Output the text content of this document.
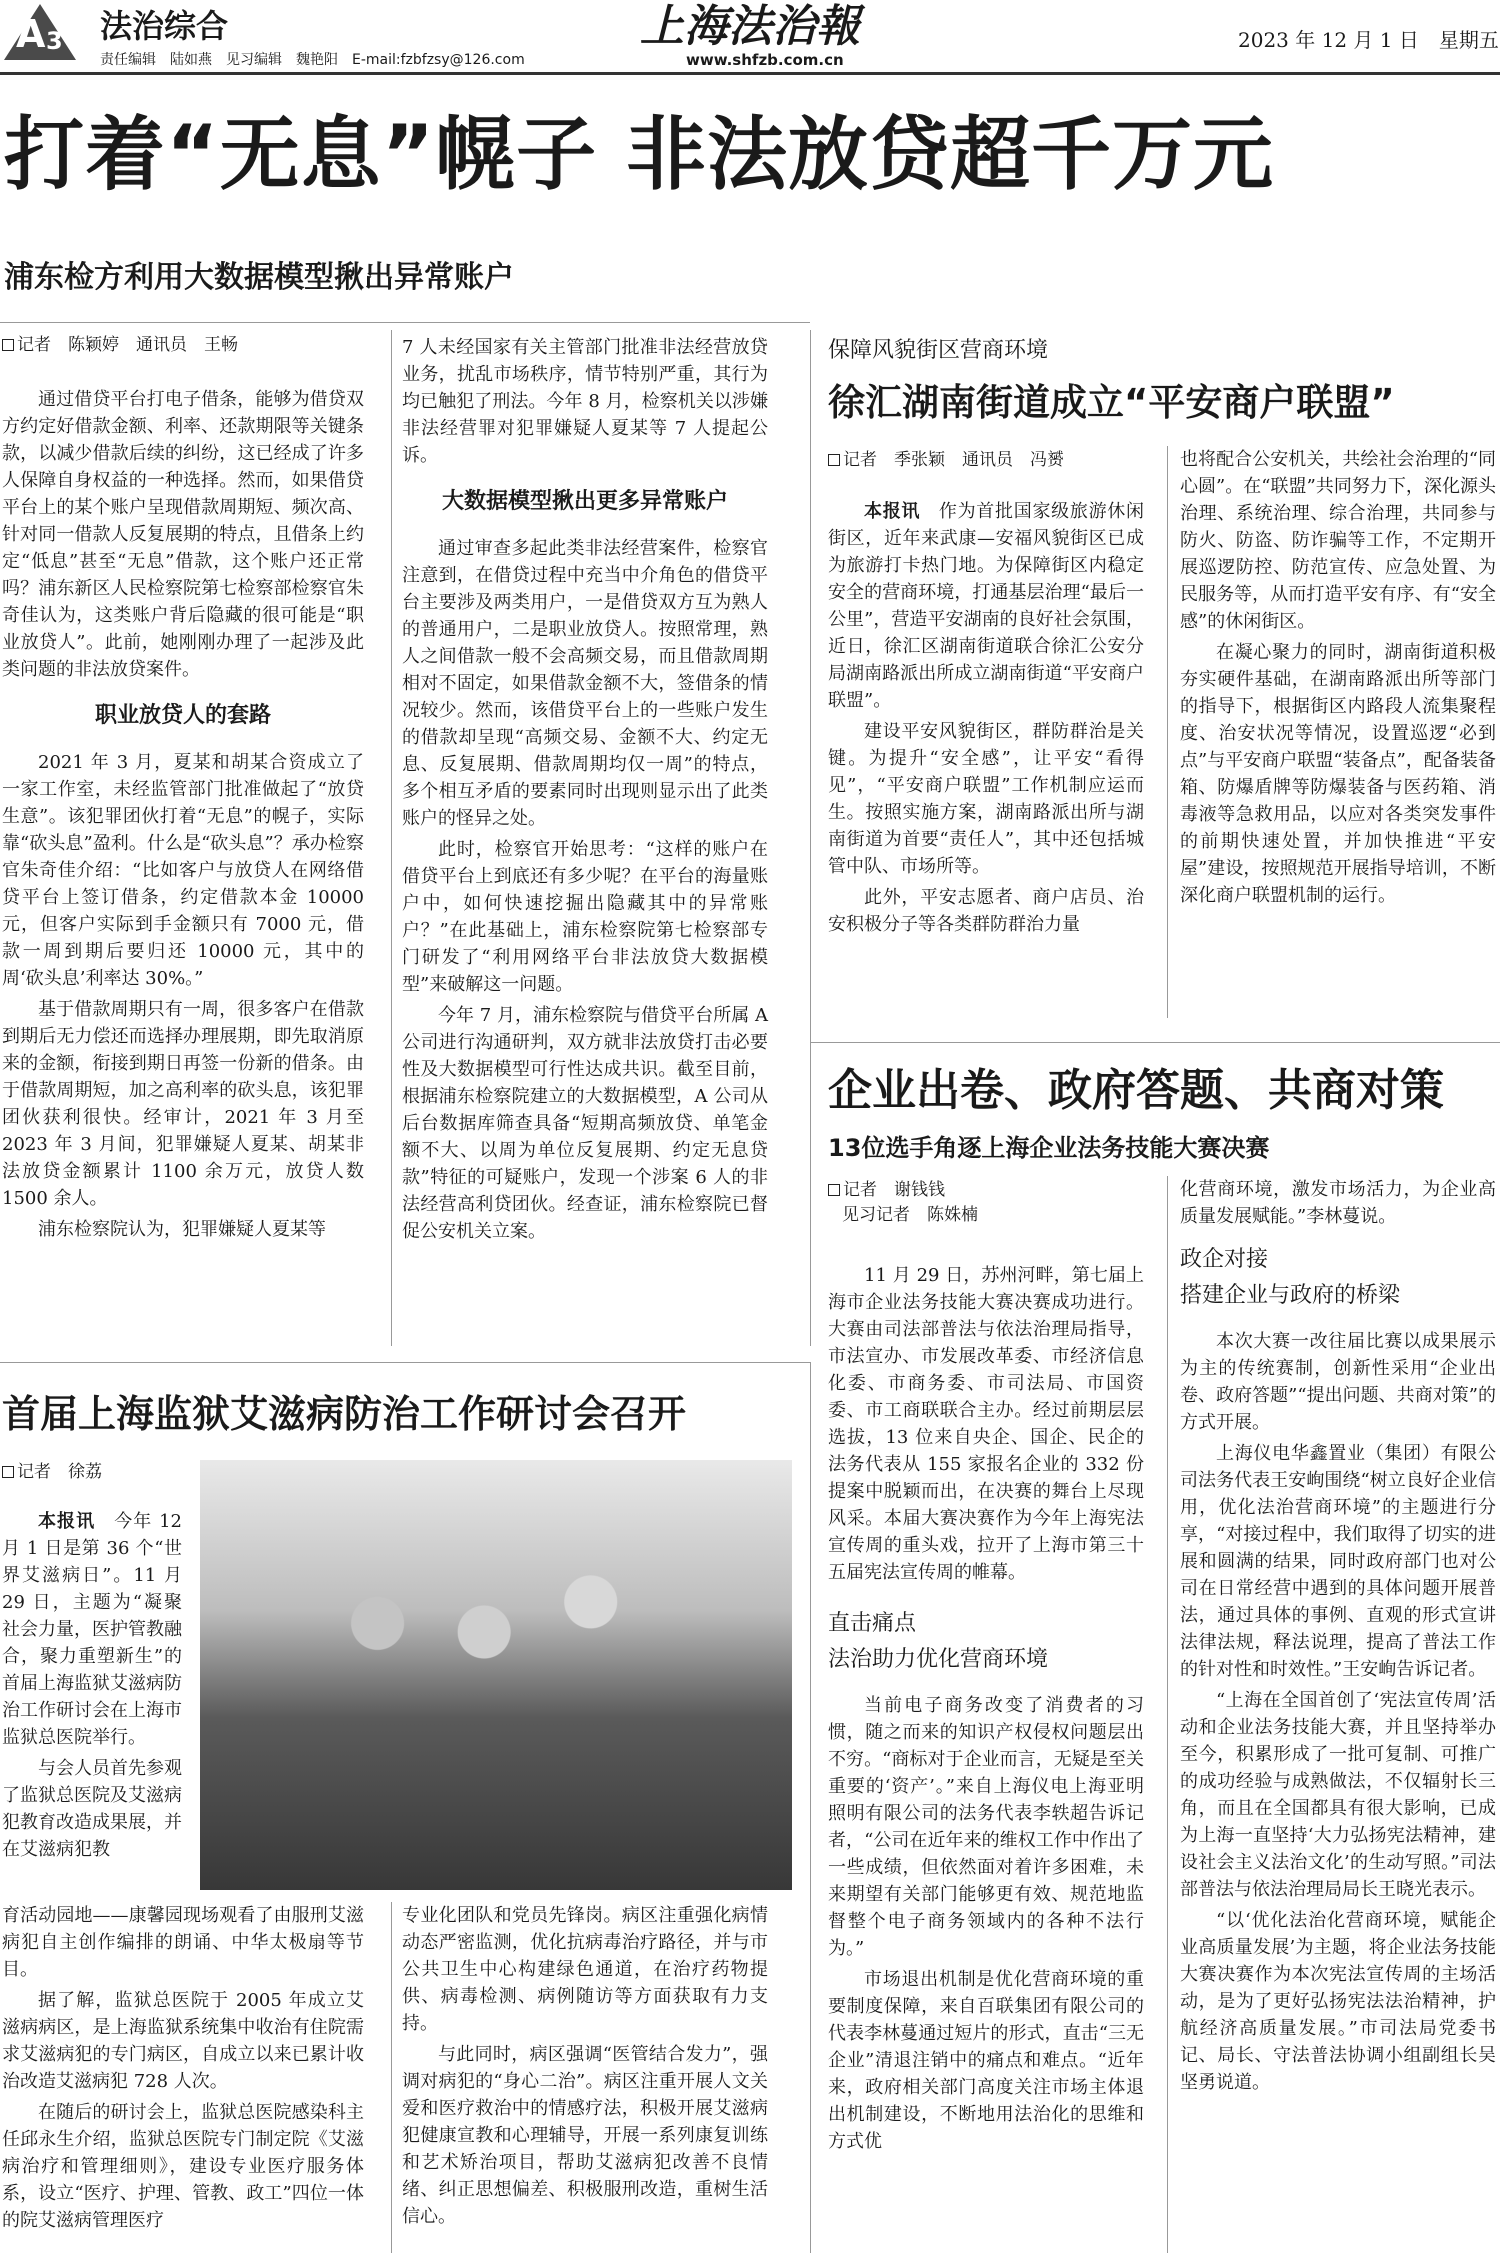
A 3 法治综合
责任编辑　陆如燕　见习编辑　魏艳阳　E-mail:fzbfzsy@126.com
上海法治報
www.shfzb.com.cn
2023 年 12 月 1 日　星期五
打着“无息”幌子 非法放贷超千万元
浦东检方利用大数据模型揪出异常账户
记者　陈颖婷　通讯员　王畅

通过借贷平台打电子借条，能够为借贷双方约定好借款金额、利率、还款期限等关键条款，以减少借款后续的纠纷，这已经成了许多人保障自身权益的一种选择。然而，如果借贷平台上的某个账户呈现借款周期短、频次高、针对同一借款人反复展期的特点，且借条上约定“低息”甚至“无息”借款，这个账户还正常吗？浦东新区人民检察院第七检察部检察官朱奇佳认为，这类账户背后隐藏的很可能是“职业放贷人”。此前，她刚刚办理了一起涉及此类问题的非法放贷案件。

职业放贷人的套路

2021 年 3 月，夏某和胡某合资成立了一家工作室，未经监管部门批准做起了“放贷生意”。该犯罪团伙打着“无息”的幌子，实际靠“砍头息”盈利。什么是“砍头息”？承办检察官朱奇佳介绍：“比如客户与放贷人在网络借贷平台上签订借条，约定借款本金 10000 元，但客户实际到手金额只有 7000 元，借款一周到期后要归还 10000 元，其中的周‘砍头息’利率达 30%。”

基于借款周期只有一周，很多客户在借款到期后无力偿还而选择办理展期，即先取消原来的金额，衔接到期日再签一份新的借条。由于借款周期短，加之高利率的砍头息，该犯罪团伙获利很快。经审计，2021 年 3 月至 2023 年 3 月间，犯罪嫌疑人夏某、胡某非法放贷金额累计 1100 余万元，放贷人数 1500 余人。

浦东检察院认为，犯罪嫌疑人夏某等

7 人未经国家有关主管部门批准非法经营放贷业务，扰乱市场秩序，情节特别严重，其行为均已触犯了刑法。今年 8 月，检察机关以涉嫌非法经营罪对犯罪嫌疑人夏某等 7 人提起公诉。

大数据模型揪出更多异常账户

通过审查多起此类非法经营案件，检察官注意到，在借贷过程中充当中介角色的借贷平台主要涉及两类用户，一是借贷双方互为熟人的普通用户，二是职业放贷人。按照常理，熟人之间借款一般不会高频交易，而且借款周期相对不固定，如果借款金额不大，签借条的情况较少。然而，该借贷平台上的一些账户发生的借款却呈现“高频交易、金额不大、约定无息、反复展期、借款周期均仅一周”的特点，多个相互矛盾的要素同时出现则显示出了此类账户的怪异之处。

此时，检察官开始思考：“这样的账户在借贷平台上到底还有多少呢？在平台的海量账户中，如何快速挖掘出隐藏其中的异常账户？”在此基础上，浦东检察院第七检察部专门研发了“利用网络平台非法放贷大数据模型”来破解这一问题。

今年 7 月，浦东检察院与借贷平台所属 A 公司进行沟通研判，双方就非法放贷打击必要性及大数据模型可行性达成共识。截至目前，根据浦东检察院建立的大数据模型，A 公司从后台数据库筛查具备“短期高频放贷、单笔金额不大、以周为单位反复展期、约定无息贷款”特征的可疑账户，发现一个涉案 6 人的非法经营高利贷团伙。经查证，浦东检察院已督促公安机关立案。

保障风貌街区营商环境
徐汇湖南街道成立“平安商户联盟”
记者　季张颖　通讯员　冯赟

本报讯　 作为首批国家级旅游休闲街区，近年来武康—安福风貌街区已成为旅游打卡热门地。为保障街区内稳定安全的营商环境，打通基层治理“最后一公里”，营造平安湖南的良好社会氛围，近日，徐汇区湖南街道联合徐汇公安分局湖南路派出所成立湖南街道“平安商户联盟”。

建设平安风貌街区，群防群治是关键。为提升“安全感”，让平安“看得见”，“平安商户联盟”工作机制应运而生。按照实施方案，湖南路派出所与湖南街道为首要“责任人”，其中还包括城管中队、市场所等。

此外，平安志愿者、商户店员、治安积极分子等各类群防群治力量

也将配合公安机关，共绘社会治理的“同心圆”。在“联盟”共同努力下，深化源头治理、系统治理、综合治理，共同参与防火、防盗、防诈骗等工作，不定期开展巡逻防控、防范宣传、应急处置、为民服务等，从而打造平安有序、有“安全感”的休闲街区。

在凝心聚力的同时，湖南街道积极夯实硬件基础，在湖南路派出所等部门的指导下，根据街区内路段人流集聚程度、治安状况等情况，设置巡逻“必到点”与平安商户联盟“装备点”，配备装备箱、防爆盾牌等防爆装备与医药箱、消毒液等急救用品，以应对各类突发事件的前期快速处置，并加快推进“平安屋”建设，按照规范开展指导培训，不断深化商户联盟机制的运行。

企业出卷、政府答题、共商对策
13位选手角逐上海企业法务技能大赛决赛
记者　谢钱钱
见习记者　陈姝楠

11 月 29 日，苏州河畔，第七届上海市企业法务技能大赛决赛成功进行。大赛由司法部普法与依法治理局指导，市法宣办、市发展改革委、市经济信息化委、市商务委、市司法局、市国资委、市工商联联合主办。经过前期层层选拔，13 位来自央企、国企、民企的法务代表从 155 家报名企业的 332 份提案中脱颖而出，在决赛的舞台上尽现风采。本届大赛决赛作为今年上海宪法宣传周的重头戏，拉开了上海市第三十五届宪法宣传周的帷幕。

直击痛点
法治助力优化营商环境

当前电子商务改变了消费者的习惯，随之而来的知识产权侵权问题层出不穷。“商标对于企业而言，无疑是至关重要的‘资产’。”来自上海仪电上海亚明照明有限公司的法务代表李轶超告诉记者，“公司在近年来的维权工作中作出了一些成绩，但依然面对着许多困难，未来期望有关部门能够更有效、规范地监督整个电子商务领域内的各种不法行为。”

市场退出机制是优化营商环境的重要制度保障，来自百联集团有限公司的代表李林蔓通过短片的形式，直击“三无企业”清退注销中的痛点和难点。“近年来，政府相关部门高度关注市场主体退出机制建设，不断地用法治化的思维和方式优

化营商环境，激发市场活力，为企业高质量发展赋能。”李林蔓说。

政企对接
搭建企业与政府的桥梁

本次大赛一改往届比赛以成果展示为主的传统赛制，创新性采用“企业出卷、政府答题”“提出问题、共商对策”的方式开展。

上海仪电华鑫置业（集团）有限公司法务代表王安峋围绕“树立良好企业信用，优化法治营商环境”的主题进行分享，“对接过程中，我们取得了切实的进展和圆满的结果，同时政府部门也对公司在日常经营中遇到的具体问题开展普法，通过具体的事例、直观的形式宣讲法律法规，释法说理，提高了普法工作的针对性和时效性。”王安峋告诉记者。

“上海在全国首创了‘宪法宣传周’活动和企业法务技能大赛，并且坚持举办至今，积累形成了一批可复制、可推广的成功经验与成熟做法，不仅辐射长三角，而且在全国都具有很大影响，已成为上海一直坚持‘大力弘扬宪法精神，建设社会主义法治文化’的生动写照。”司法部普法与依法治理局局长王晓光表示。

“以‘优化法治化营商环境，赋能企业高质量发展’为主题，将企业法务技能大赛决赛作为本次宪法宣传周的主场活动，是为了更好弘扬宪法法治精神，护航经济高质量发展。”市司法局党委书记、局长、守法普法协调小组副组长吴坚勇说道。

首届上海监狱艾滋病防治工作研讨会召开
记者　徐荔

本报讯　 今年 12 月 1 日是第 36 个“世界艾滋病日”。11 月 29 日，主题为“凝聚社会力量，医护管教融合，聚力重塑新生”的首届上海监狱艾滋病防治工作研讨会在上海市监狱总医院举行。

与会人员首先参观了监狱总医院及艾滋病犯教育改造成果展，并在艾滋病犯教

育活动园地——康馨园现场观看了由服刑艾滋病犯自主创作编排的朗诵、中华太极扇等节目。

据了解，监狱总医院于 2005 年成立艾滋病病区，是上海监狱系统集中收治有住院需求艾滋病犯的专门病区，自成立以来已累计收治改造艾滋病犯 728 人次。

在随后的研讨会上，监狱总医院感染科主任邱永生介绍，监狱总医院专门制定院《艾滋病治疗和管理细则》，建设专业医疗服务体系，设立“医疗、护理、管教、政工”四位一体的院艾滋病管理医疗

专业化团队和党员先锋岗。病区注重强化病情动态严密监测，优化抗病毒治疗路径，并与市公共卫生中心构建绿色通道，在治疗药物提供、病毒检测、病例随访等方面获取有力支持。

与此同时，病区强调“医管结合发力”，强调对病犯的“身心二治”。病区注重开展人文关爱和医疗救治中的情感疗法，积极开展艾滋病犯健康宣教和心理辅导，开展一系列康复训练和艺术矫治项目，帮助艾滋病犯改善不良情绪、纠正思想偏差、积极服刑改造，重树生活信心。
